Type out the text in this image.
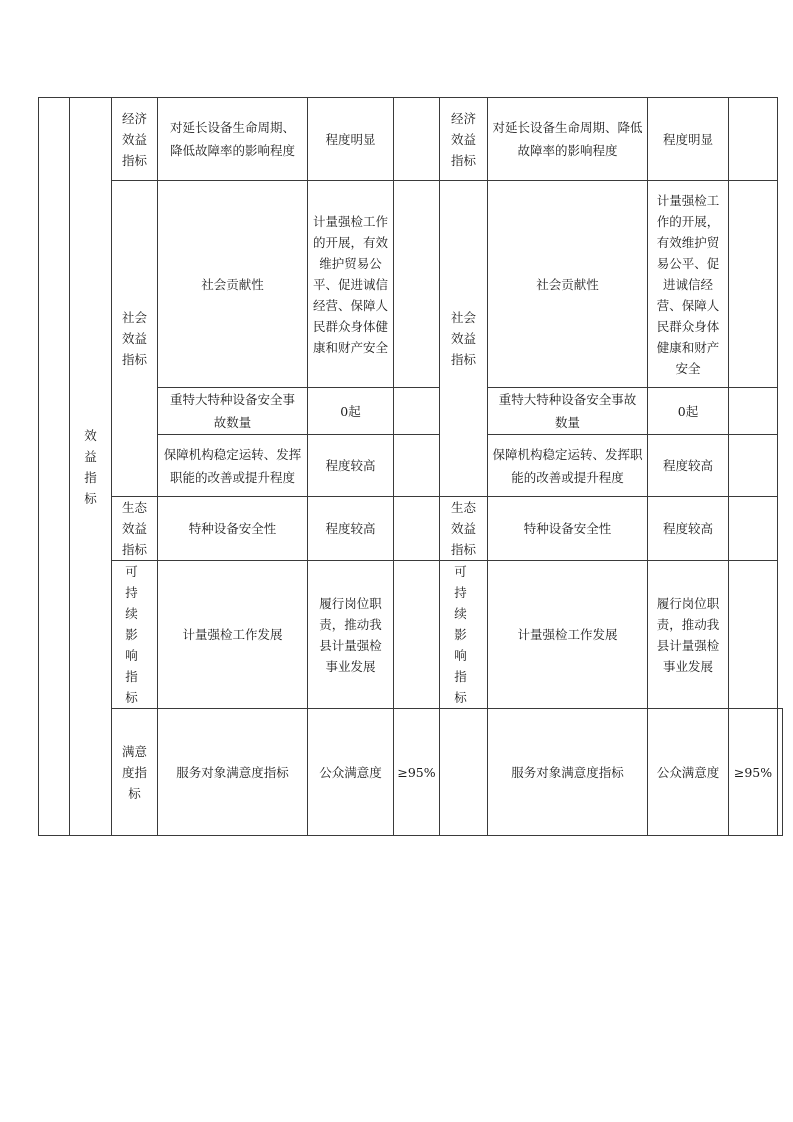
	效益指标	经济效益指标	对延长设备生命周期、降低故障率的影响程度	程度明显		经济效益指标	对延长设备生命周期、降低故障率的影响程度	程度明显		
		社会效益指标	社会贡献性	计量强检工作的开展，有效维护贸易公平、促进诚信经营、保障人民群众身体健康和财产安全		社会效益指标	社会贡献性	计量强检工作的开展，有效维护贸易公平、促进诚信经营、保障人民群众身体健康和财产安全		
			重特大特种设备安全事故数量	0起			重特大特种设备安全事故数量	0起		
			保障机构稳定运转、发挥职能的改善或提升程度	程度较高			保障机构稳定运转、发挥职能的改善或提升程度	程度较高		
		生态效益指标	特种设备安全性	程度较高		生态效益指标	特种设备安全性	程度较高		
		可持续影响指标	计量强检工作发展	履行岗位职责，推动我县计量强检事业发展		可持续影响指标	计量强检工作发展	履行岗位职责，推动我县计量强检事业发展		
		满意度指标	服务对象满意度指标	公众满意度	≥95%		服务对象满意度指标	公众满意度	≥95%	
